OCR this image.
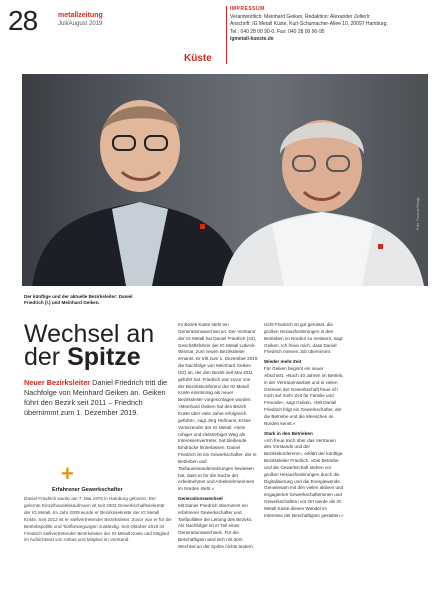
28	metallzeitung
Juli/August 2019
Küste
IMPRESSUM
Verantwortlich: Meinhard Geiken, Redaktion: Alexander Zelterlr
Anschrift: IG Metall Küste, Kurt-Schumacher-Allee 10, 20097 Hamburg,
Tel.: 040 28 00 90-0, Fax: 040 28 00 90-95
igmetall-kueste.de
Foto: Thomas Range
Der künftige und der aktuelle Bezirksleiter: Daniel Friedrich (l.) und Meinhard Geiken.
Wechsel an
der Spitze
Neuer Bezirksleiter Daniel Friedrich tritt die Nachfolge von Meinhard Geiken an. Geiken führt den Bezirk seit 2011 – Friedrich übernimmt zum 1. Dezember 2019.
+
Erfahrener Gewerkschafter
Daniel Friedrich wurde am 7. Mai 1976 in Hamburg geboren. Der gelernte Einzelhandelskaufmann ist seit 2002 Gewerkschaftssekretär der IG Metall. Im Jahr 2009 wurde er Bezirkssekretär der IG Metall Küste. Seit 2012 ist er stellvertretender Bezirksleiter. Zuvor war er für die Betriebspolitik und Tarifbewegungen zuständig. Seit Oktober 2019 ist Friedrich stellvertretender Bezirksleiter der IG Metall Küste und Mitglied im Aufsichtsrat von Airbus und Mitglied im Vorstand.

Im Bezirk Küste steht ein Generationswechsel an. Der Vorstand der IG Metall hat Daniel Friedrich (43), Geschäftsführer der IG Metall Lübeck-Wismar, zum neuen Bezirksleiter ernannt. Er tritt zum 1. Dezember 2019 die Nachfolge von Meinhard Geiken (62) an, der den Bezirk seit Mai 2011 geführt hat. Friedrich war zuvor von der Bezirkskonferenz der IG Metall Küste einstimmig als neuer Bezirksleiter vorgeschlagen worden. »Meinhard Geiken hat den Bezirk Küste über viele Jahre erfolgreich geführt«, sagt Jörg Hofmann, Erster Vorsitzender der IG Metall. »Sein ruhiger und zielstrebiger Weg als Interessenvertreter, hat bleibende Eindrücke hinterlassen. Daniel Friedrich ist ein Gewerkschafter, der in Betrieben und Tarifauseinandersetzungen bewiesen hat, dass er für die Sache der Arbeitnehmer und Arbeitnehmerinnen im Norden steht.«

Generationswechsel

Mit Daniel Friedrich übernimmt ein erfahrener Gewerkschafter und Tarifpolitiker die Leitung des Bezirks. Als Nachfolger ist er Teil eines Generationswechsels. Für die Beschäftigten wird sich mit dem Wechsel an der Spitze nichts ändern.

nicht Friedrich ist gut gerüstet, die großen Herausforderungen in den Betrieben im Norden zu meistern, sagt Geiken. Ich freue mich, dass Daniel Friedrich meinen Job übernimmt.

Wieder mehr Zeit

Für Geiken beginnt ein neuer Abschnitt. »Nach 40 Jahren im Betrieb, in der Vertrauensarbeit und in vielen Gremien der Gewerkschaft freue ich mich auf mehr Zeit für Familie und Freunde«, sagt Geiken. »Mit Daniel Friedrich folgt ein Gewerkschafter, der die Betriebe und die Menschen im Norden kennt.«

Stark in den Betrieben

»Ich freue mich über das Vertrauen des Vorstands und der Bezirkskonferenz«, erklärt der künftige Bezirksleiter Friedrich. »Die Betriebe und die Gewerkschaft stehen vor großen Herausforderungen durch die Digitalisierung und die Energiewende. Gemeinsam mit den vielen aktiven und engagierten Gewerkschafterinnen und Gewerkschaftern vor Ort werde die IG Metall Küste diesen Wandel im Interesse der Beschäftigten gestalten.«
